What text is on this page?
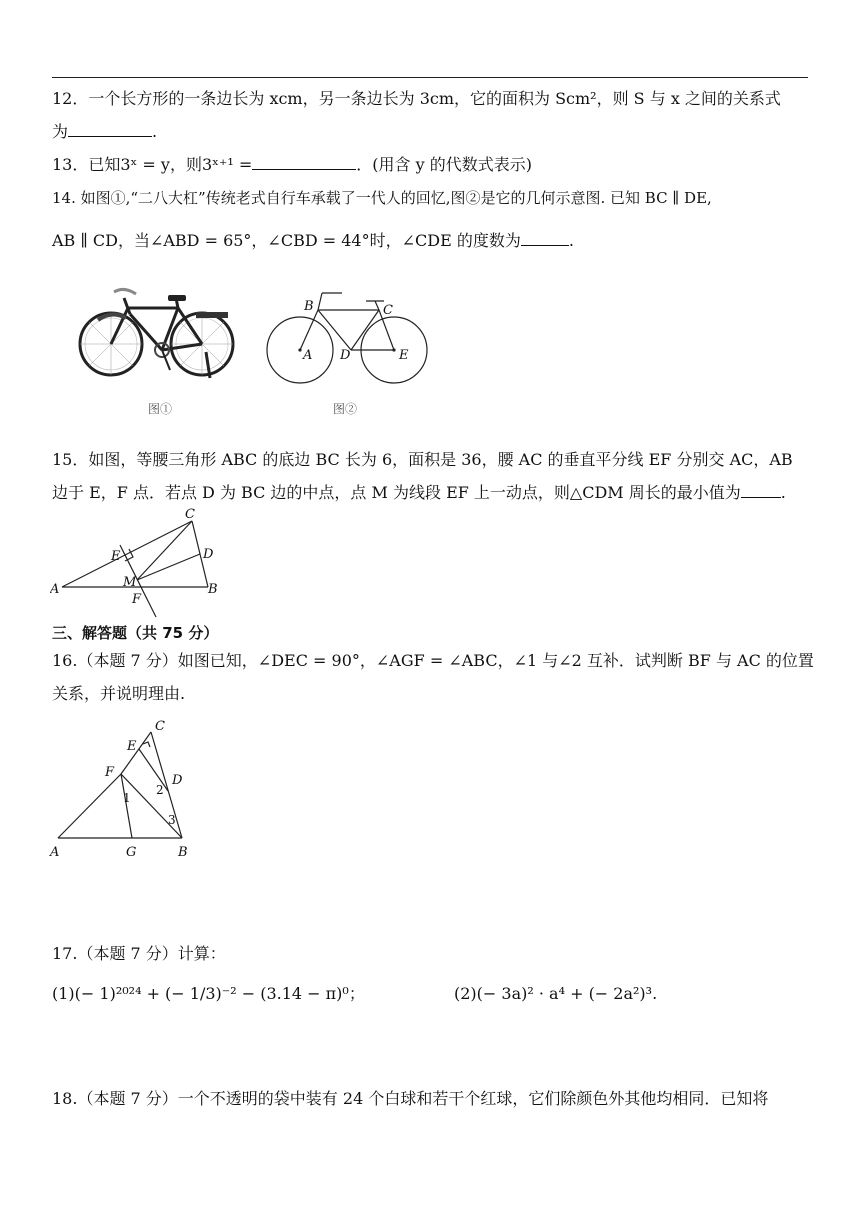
12．一个长方形的一条边长为 xcm，另一条边长为 3cm，它的面积为 Scm²，则 S 与 x 之间的关系式
为	.
13．已知3ˣ = y，则3ˣ⁺¹ =	．(用含 y 的代数式表示)
14. 如图①,“二八大杠”传统老式自行车承载了一代人的回忆,图②是它的几何示意图. 已知 BC ∥ DE,
AB ∥ CD，当∠ABD = 65°，∠CBD = 44°时，∠CDE 的度数为	.
图①
B	C
A D	E
图②
15．如图，等腰三角形 ABC 的底边 BC 长为 6，面积是 36，腰 AC 的垂直平分线 EF 分别交 AC，AB
边于 E，F 点．若点 D 为 BC 边的中点，点 M 为线段 EF 上一动点，则△CDM 周长的最小值为	.
C
E	D
A	M	B
F
三、解答题（共 75 分）
16.（本题 7 分）如图已知，∠DEC = 90°，∠AGF = ∠ABC，∠1 与∠2 互补．试判断 BF 与 AC 的位置
关系，并说明理由.
C
E
F
D
1
2
3
A	G	B
17.（本题 7 分）计算：
(1)(− 1)²⁰²⁴ + (− 1/3)⁻² − (3.14 − π)⁰；	(2)(− 3a)² · a⁴ + (− 2a²)³.
18.（本题 7 分）一个不透明的袋中装有 24 个白球和若干个红球，它们除颜色外其他均相同．已知将
